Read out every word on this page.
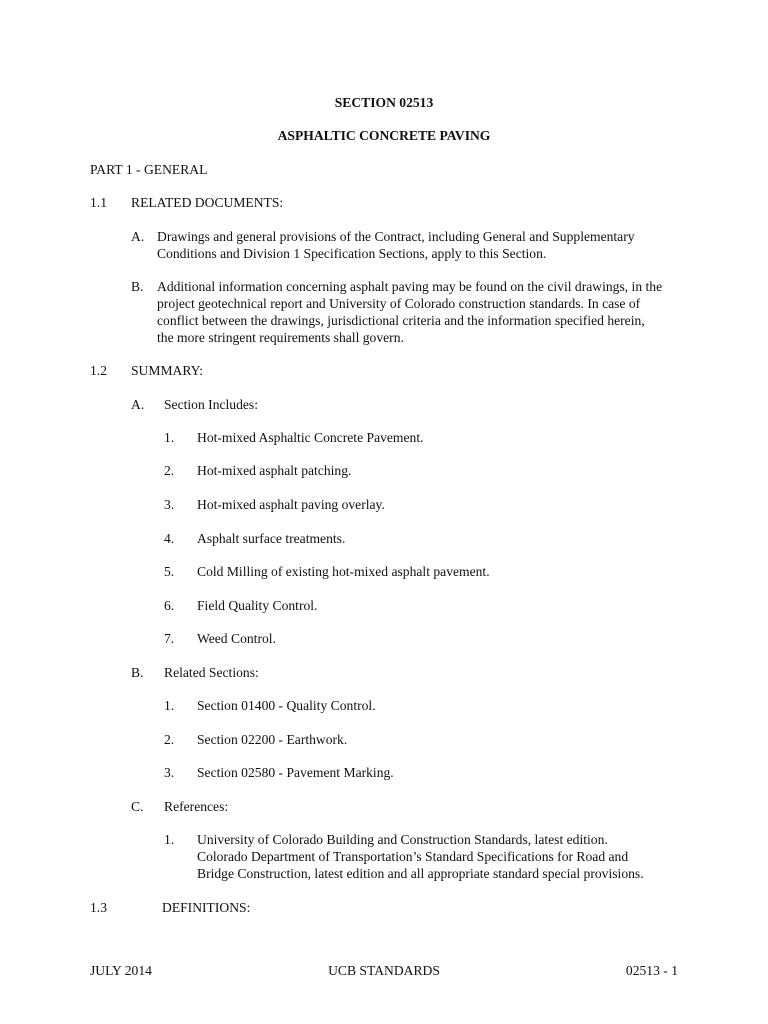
SECTION 02513
ASPHALTIC CONCRETE PAVING
PART 1 - GENERAL
1.1 RELATED DOCUMENTS:
A. Drawings and general provisions of the Contract, including General and Supplementary
Conditions and Division 1 Specification Sections, apply to this Section.
B. Additional information concerning asphalt paving may be found on the civil drawings, in the
project geotechnical report and University of Colorado construction standards. In case of
conflict between the drawings, jurisdictional criteria and the information specified herein,
the more stringent requirements shall govern.
1.2 SUMMARY:
A. Section Includes:
1. Hot-mixed Asphaltic Concrete Pavement.
2. Hot-mixed asphalt patching.
3. Hot-mixed asphalt paving overlay.
4. Asphalt surface treatments.
5. Cold Milling of existing hot-mixed asphalt pavement.
6. Field Quality Control.
7. Weed Control.
B. Related Sections:
1. Section 01400 - Quality Control.
2. Section 02200 - Earthwork.
3. Section 02580 - Pavement Marking.
C. References:
1. University of Colorado Building and Construction Standards, latest edition.
Colorado Department of Transportation’s Standard Specifications for Road and
Bridge Construction, latest edition and all appropriate standard special provisions.
1.3	DEFINITIONS:
JULY 2014	UCB STANDARDS	02513 - 1
